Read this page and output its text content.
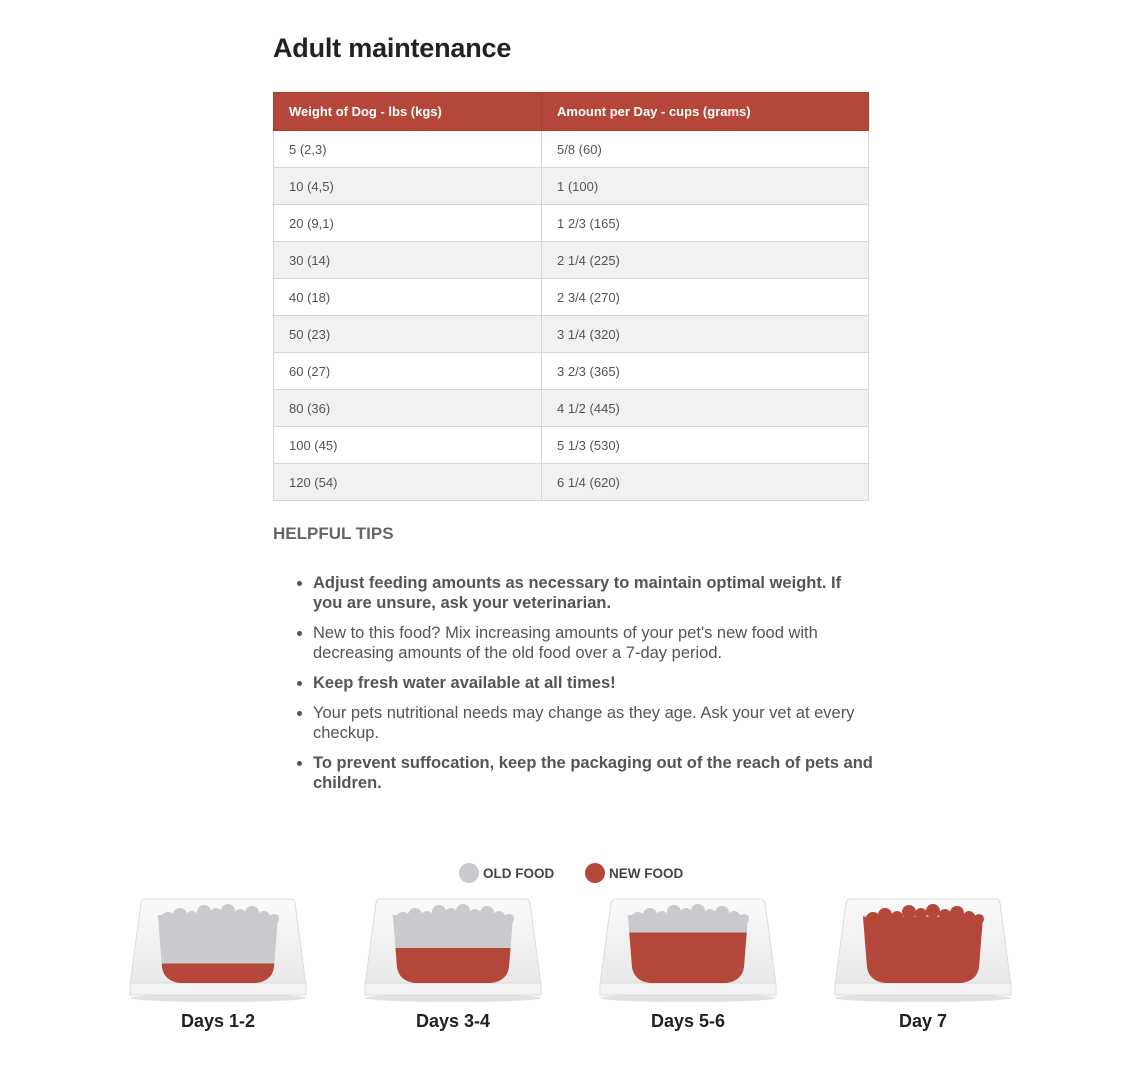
Adult maintenance
Weight of Dog - lbs (kgs)	Amount per Day - cups (grams)
5 (2,3)	5/8 (60)
10 (4,5)	1 (100)
20 (9,1)	1 2/3 (165)
30 (14)	2 1/4 (225)
40 (18)	2 3/4 (270)
50 (23)	3 1/4 (320)
60 (27)	3 2/3 (365)
80 (36)	4 1/2 (445)
100 (45)	5 1/3 (530)
120 (54)	6 1/4 (620)
HELPFUL TIPS
• Adjust feeding amounts as necessary to maintain optimal weight. If you are unsure, ask your veterinarian.
• New to this food? Mix increasing amounts of your pet's new food with decreasing amounts of the old food over a 7-day period.
• Keep fresh water available at all times!
• Your pets nutritional needs may change as they age. Ask your vet at every checkup.
• To prevent suffocation, keep the packaging out of the reach of pets and children.
OLD FOOD	NEW FOOD
Days 1-2	Days 3-4	Days 5-6	Day 7
